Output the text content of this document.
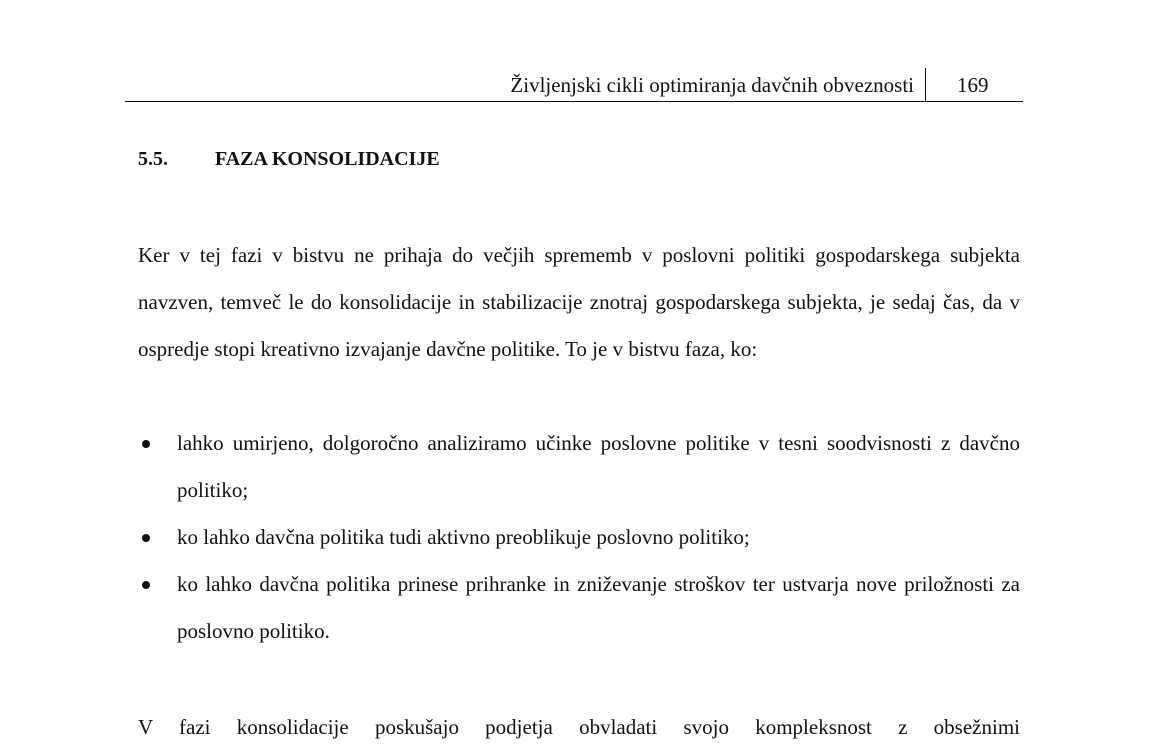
Življenjski cikli optimiranja davčnih obveznosti 169
5.5. FAZA KONSOLIDACIJE

Ker v tej fazi v bistvu ne prihaja do večjih sprememb v poslovni politiki gospodarskega subjekta navzven, temveč le do konsolidacije in stabilizacije znotraj gospodarskega subjekta, je sedaj čas, da v ospredje stopi kreativno izvajanje davčne politike. To je v bistvu faza, ko:

lahko umirjeno, dolgoročno analiziramo učinke poslovne politike v tesni soodvisnosti z davčno politiko;
ko lahko davčna politika tudi aktivno preoblikuje poslovno politiko;
ko lahko davčna politika prinese prihranke in zniževanje stroškov ter ustvarja nove priložnosti za poslovno politiko.

V fazi konsolidacije poskušajo podjetja obvladati svojo kompleksnost z obsežnimi
